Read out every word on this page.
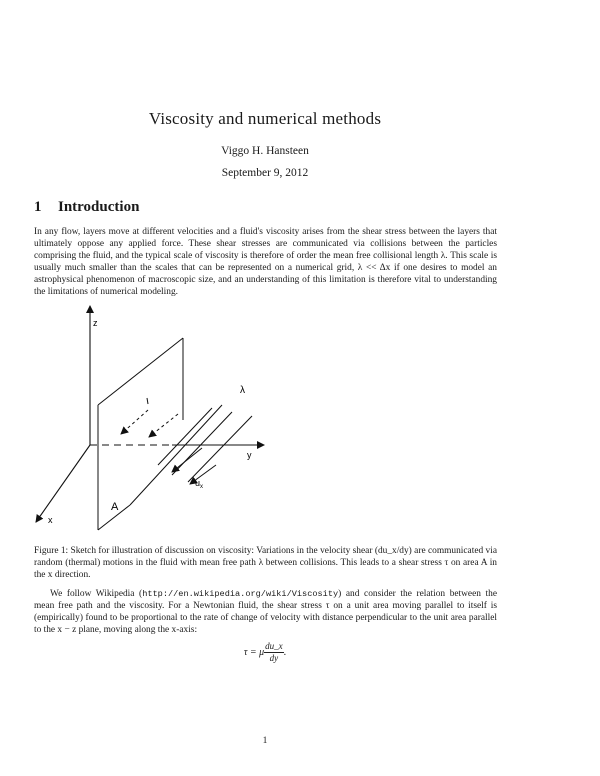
Viscosity and numerical methods
Viggo H. Hansteen
September 9, 2012
1 Introduction
In any flow, layers move at different velocities and a fluid's viscosity arises from the shear stress between the layers that ultimately oppose any applied force. These shear stresses are communicated via collisions between the particles comprising the fluid, and the typical scale of viscosity is therefore of order the mean free collisional length λ. This scale is usually much smaller than the scales that can be represented on a numerical grid, λ << Δx if one desires to model an astrophysical phenomenon of macroscopic size, and an understanding of this limitation is therefore vital to understanding the limitations of numerical modeling.
z
y
x
A
λ
$u_x$
Figure 1: Sketch for illustration of discussion on viscosity: Variations in the velocity shear (du_x/dy) are communicated via random (thermal) motions in the fluid with mean free path λ between collisions. This leads to a shear stress τ on area A in the x direction.
We follow Wikipedia (http://en.wikipedia.org/wiki/Viscosity) and consider the relation between the mean free path and the viscosity. For a Newtonian fluid, the shear stress τ on a unit area moving parallel to itself is (empirically) found to be proportional to the rate of change of velocity with distance perpendicular to the unit area parallel to the x − z plane, moving along the x-axis:
τ = μ $\frac{du\_x}{dy}$ .
1
